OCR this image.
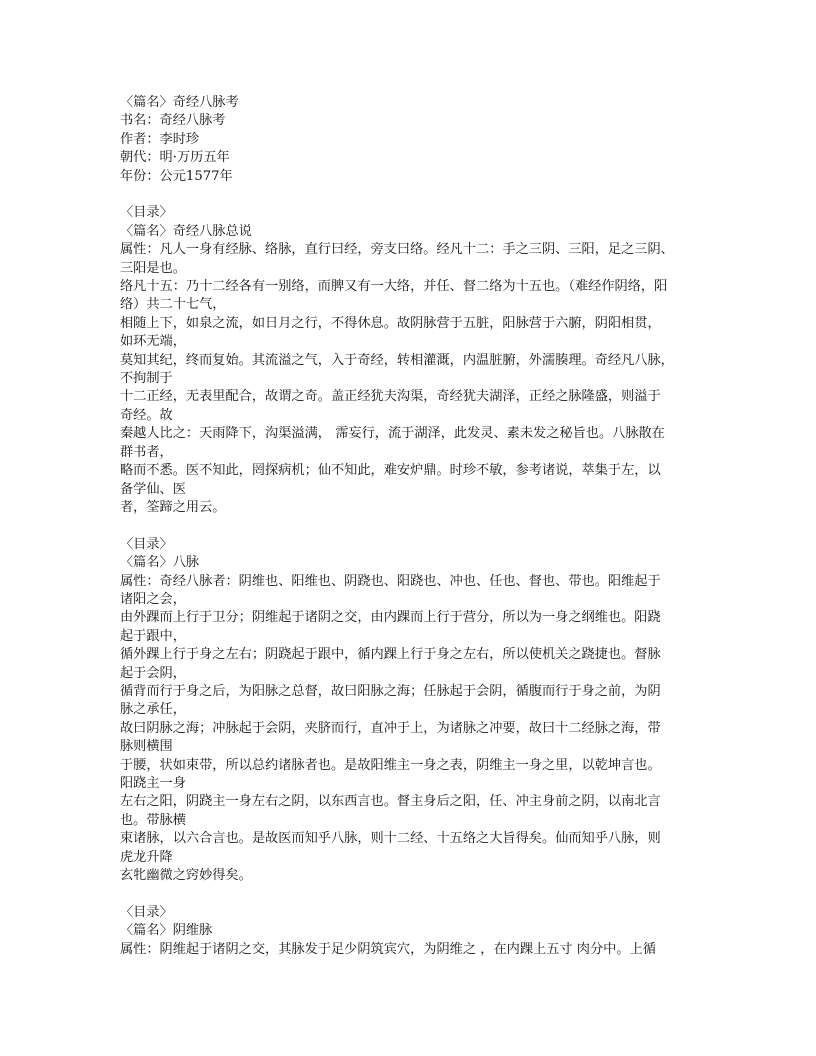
〈篇名〉奇经八脉考
书名：奇经八脉考
作者：李时珍
朝代：明·万历五年
年份：公元1577年
〈目录〉
〈篇名〉奇经八脉总说
属性：凡人一身有经脉、络脉，直行曰经，旁支曰络。经凡十二：手之三阴、三阳，足之三阴、
三阳是也。
络凡十五：乃十二经各有一别络，而脾又有一大络，并任、督二络为十五也。（难经作阴络，阳
络）共二十七气，
相随上下，如泉之流，如日月之行，不得休息。故阴脉营于五脏，阳脉营于六腑，阴阳相贯，
如环无端，
莫知其纪，终而复始。其流溢之气，入于奇经，转相灌溉，内温脏腑，外濡腠理。奇经凡八脉，
不拘制于
十二正经，无表里配合，故谓之奇。盖正经犹夫沟渠，奇经犹夫湖泽，正经之脉隆盛，则溢于
奇经。故
秦越人比之：天雨降下，沟渠溢满， 霈妄行，流于湖泽，此发灵、素未发之秘旨也。八脉散在
群书者，
略而不悉。医不知此，罔探病机；仙不知此，难安炉鼎。时珍不敏，参考诸说，萃集于左，以
备学仙、医
者，筌蹄之用云。
〈目录〉
〈篇名〉八脉
属性：奇经八脉者：阴维也、阳维也、阴跷也、阳跷也、冲也、任也、督也、带也。阳维起于
诸阳之会，
由外踝而上行于卫分；阴维起于诸阴之交，由内踝而上行于营分，所以为一身之纲维也。阳跷
起于跟中，
循外踝上行于身之左右；阴跷起于跟中，循内踝上行于身之左右，所以使机关之跷捷也。督脉
起于会阴，
循背而行于身之后，为阳脉之总督，故曰阳脉之海；任脉起于会阴，循腹而行于身之前，为阴
脉之承任，
故曰阴脉之海；冲脉起于会阴，夹脐而行，直冲于上，为诸脉之冲要，故曰十二经脉之海，带
脉则横围
于腰，状如束带，所以总约诸脉者也。是故阳维主一身之表，阴维主一身之里，以乾坤言也。
阳跷主一身
左右之阳，阴跷主一身左右之阴，以东西言也。督主身后之阳，任、冲主身前之阴，以南北言
也。带脉横
束诸脉，以六合言也。是故医而知乎八脉，则十二经、十五络之大旨得矣。仙而知乎八脉，则
虎龙升降
玄牝幽微之窍妙得矣。
〈目录〉
〈篇名〉阴维脉
属性：阴维起于诸阴之交，其脉发于足少阴筑宾穴，为阴维之 ，在内踝上五寸 肉分中。上循
